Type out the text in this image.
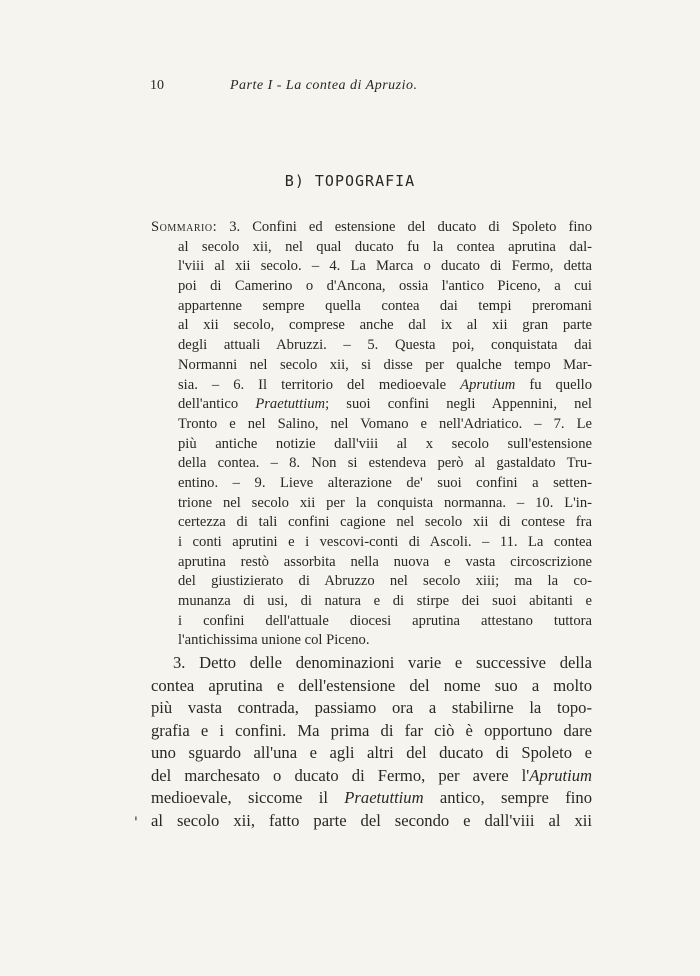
10	Parte I - La contea di Apruzio.
B) TOPOGRAFIA
Sommario: 3. Confini ed estensione del ducato di Spoleto fino
al secolo xii, nel qual ducato fu la contea aprutina dal-
l'viii al xii secolo. – 4. La Marca o ducato di Fermo, detta
poi di Camerino o d'Ancona, ossia l'antico Piceno, a cui
appartenne sempre quella contea dai tempi preromani
al xii secolo, comprese anche dal ix al xii gran parte
degli attuali Abruzzi. – 5. Questa poi, conquistata dai
Normanni nel secolo xii, si disse per qualche tempo Mar-
sia. – 6. Il territorio del medioevale Aprutium fu quello
dell'antico Praetuttium; suoi confini negli Appennini, nel
Tronto e nel Salino, nel Vomano e nell'Adriatico. – 7. Le
più antiche notizie dall'viii al x secolo sull'estensione
della contea. – 8. Non si estendeva però al gastaldato Tru-
entino. – 9. Lieve alterazione de' suoi confini a setten-
trione nel secolo xii per la conquista normanna. – 10. L'in-
certezza di tali confini cagione nel secolo xii di contese fra
i conti aprutini e i vescovi-conti di Ascoli. – 11. La contea
aprutina restò assorbita nella nuova e vasta circoscrizione
del giustizierato di Abruzzo nel secolo xiii; ma la co-
munanza di usi, di natura e di stirpe dei suoi abitanti e
i confini dell'attuale diocesi aprutina attestano tuttora
l'antichissima unione col Piceno.
3. Detto delle denominazioni varie e successive della
contea aprutina e dell'estensione del nome suo a molto
più vasta contrada, passiamo ora a stabilirne la topo-
grafia e i confini. Ma prima di far ciò è opportuno dare
uno sguardo all'una e agli altri del ducato di Spoleto e
del marchesato o ducato di Fermo, per avere l'Aprutium
medioevale, siccome il Praetuttium antico, sempre fino
al secolo xii, fatto parte del secondo e dall'viii al xii
'
